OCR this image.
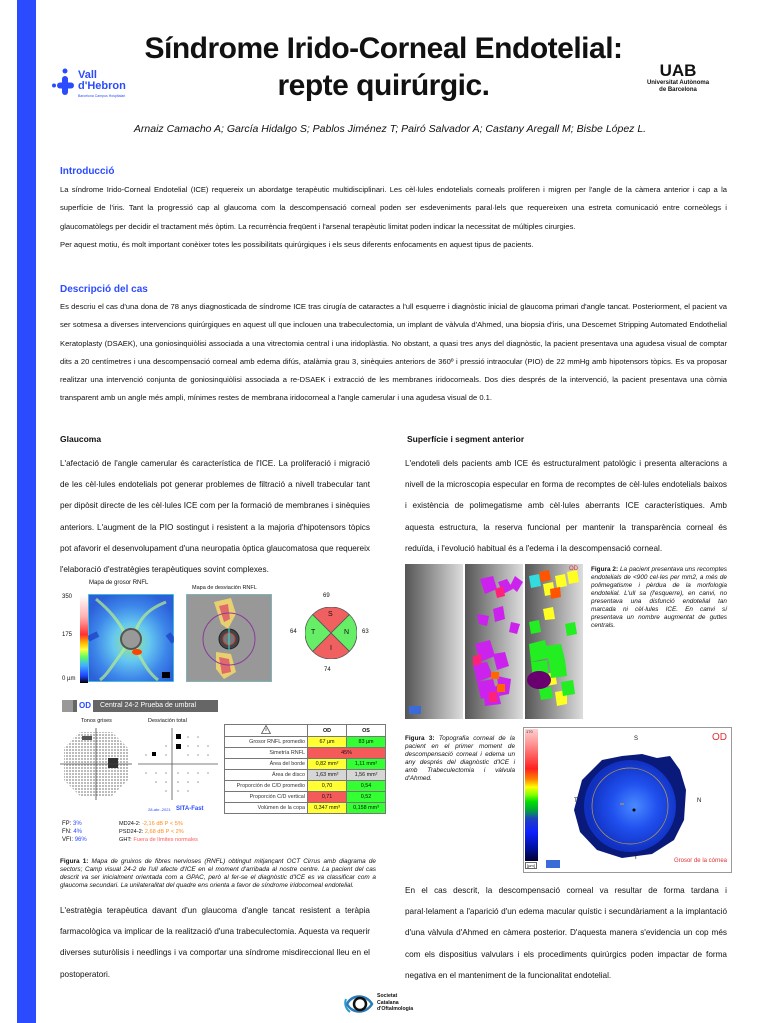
Vall
d'Hebron
Barcelona Campus Hospitalari
UAB
Universitat Autònoma
de Barcelona
Síndrome Irido-Corneal Endotelial:
repte quirúrgic.
Arnaiz Camacho A; García Hidalgo S; Pablos Jiménez T; Pairó Salvador A; Castany Aregall M; Bisbe López L.
Introducció

La síndrome Irido-Corneal Endotelial (ICE) requereix un abordatge terapèutic multidisciplinari. Les cèl·lules endotelials corneals proliferen i migren per l'angle de la càmera anterior i cap a la superfície de l'iris. Tant la progressió cap al glaucoma com la descompensació corneal poden ser esdeveniments paral·lels que requereixen una estreta comunicació entre corneòlegs i glaucomatòlegs per decidir el tractament més òptim. La recurrència freqüent i l'arsenal terapèutic limitat poden indicar la necessitat de múltiples cirurgies.

Per aquest motiu, és molt important conèixer totes les possibilitats quirúrgiques i els seus diferents enfocaments en aquest tipus de pacients.

Descripció del cas
Es descriu el cas d'una dona de 78 anys diagnosticada de síndrome ICE tras cirugía de cataractes a l'ull esquerre i diagnòstic inicial de glaucoma primari d'angle tancat. Posteriorment, el pacient va ser sotmesa a diverses intervencions quirúrgiques en aquest ull que inclouen una trabeculectomia, un implant de vàlvula d'Ahmed, una biopsia d'iris, una Descemet Stripping Automated Endothelial Keratoplasty (DSAEK), una goniosinquiòlisi associada a una vitrectomia central i una iridoplàstia. No obstant, a quasi tres anys del diagnòstic, la pacient presentava una agudesa visual de comptar dits a 20 centímetres i una descompensació corneal amb edema difús, atalàmia grau 3, sinèquies anteriors de 360º i pressió intraocular (PIO) de 22 mmHg amb hipotensors tòpics. Es va proposar realitzar una intervenció conjunta de goniosinquiòlisi associada a re-DSAEK i extracció de les membranes iridocorneals. Dos dies després de la intervenció, la pacient presentava una còrnia transparent amb un angle més ampli, mínimes restes de membrana iridocorneal a l'angle camerular i una agudesa visual de 0.1.
Glaucoma
L'afectació de l'angle camerular és característica de l'ICE. La proliferació i migració de les cèl·lules endotelials pot generar problemes de filtració a nivell trabecular tant per dipòsit directe de les cèl·lules ICE com per la formació de membranes i sinèquies anteriors. L'augment de la PIO sostingut i resistent a la majoria d'hipotensors tòpics pot afavorir el desenvolupament d'una neuropatia òptica glaucomatosa que requereix l'elaboració d'estratègies terapèutiques sovint complexes.
Mapa de grosor RNFL
Mapa de desviación RNFL
350
175
0 µm
69
64	63
74
S
T	N
I
OD Central 24-2 Prueba de umbral
Tonos grises	Desviación total
28-abr.-2021 SITA-Fast
FP: 3%
FN: 4%
VFI: 96%
MD24-2: -2,16 dB P < 5%
PSD24-2: 2,68 dB P < 2%
GHT: Fuera de límites normales
	OD	OS
Grosor RNFL promedio	67 µm	83 µm
Simetría RNFL	45%	
Área del borde	0,82 mm²	1,11 mm²
Área de disco	1,63 mm²	1,56 mm²
Proporción de C/D promedio	0,70	0,54
Proporción C/D vertical	0,71	0,52
Volúmen de la copa	0,347 mm³	0,158 mm³
Figura 1: Mapa de gruixos de fibres nervioses (RNFL) obtingut mitjançant OCT Cirrus amb diagrama de sectors; Camp visual 24-2 de l'ull afecte d'ICE en el moment d'arribada al nostre centre. La pacient del cas descrit va ser inicialment orientada com a GPAC, però al fer-se el diagnòstic d'ICE es va classificar com a glaucoma secundari. La unilateralitat del quadre ens orienta a favor de síndrome iridocorneal endotelial.
L'estratègia terapèutica davant d'un glaucoma d'angle tancat resistent a teràpia farmacològica va implicar de la realització d'una trabeculectomia. Aquesta va requerir diverses suturòlisis i needlings i va comportar una síndrome misdireccional lleu en el postoperatori.
Superfície i segment anterior
L'endoteli dels pacients amb ICE és estructuralment patològic i presenta alteracions a nivell de la microscopia especular en forma de recomptes de cèl·lules endotelials baixos i existència de polimegatisme amb cèl·lules aberrants ICE característiques. Amb aquesta estructura, la reserva funcional per mantenir la transparència corneal és reduïda, i l'evolució habitual és a l'edema i la descompensació corneal.
OD Figura 2: La pacient presentava uns recomptes endotelials de <900 cel·les per mm2, a més de polimegatisme i pèrdua de la morfologia endotelial. L'ull sa (l'esquerre), en canvi, no presentava una disfunció endotelial tan marcada ni cèl·lules ICE. En canvi sí presentava un nombre augmentat de guttes centrals.
Figura 3: Topografia corneal de la pacient en el primer moment de descompensació corneal i edema un any després del diagnòstic d'ICE i amb Trabeculectomia i vàlvula d'Ahmed.
170
[µm]
S
I
T	N
OD
Grosor de la córnea
En el cas descrit, la descompensació corneal va resultar de forma tardana i paral·lelament a l'aparició d'un edema macular quístic i secundàriament a la implantació d'una vàlvula d'Ahmed en càmera posterior. D'aquesta manera s'evidencia un cop més com els dispositius valvulars i els procediments quirúrgics poden impactar de forma negativa en el manteniment de la funcionalitat endotelial.
Societat
Catalana
d'Oftalmologia
